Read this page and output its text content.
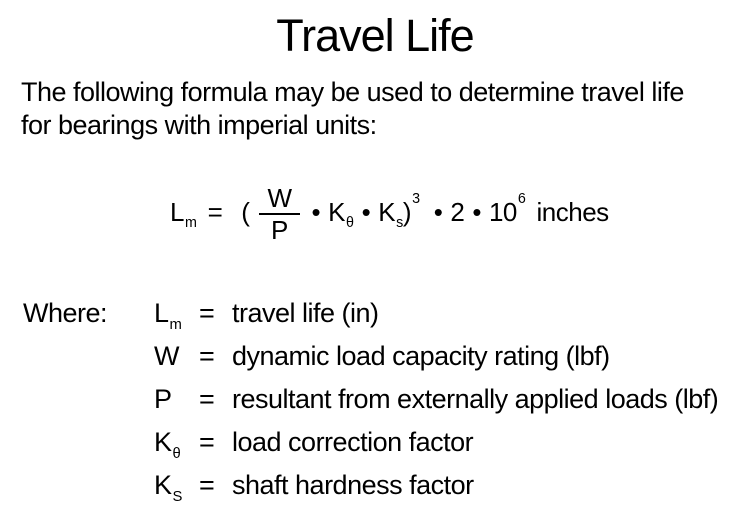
Travel Life
The following formula may be used to determine travel life
for bearings with imperial units:
$L_m$ = ( $\frac{W}{P}$ • $K_\theta$ • $K_s)^3$ • 2 • $10^6$ inches
Where:	$L_m$ = travel life (in)
W = dynamic load capacity rating (lbf)
P	= resultant from externally applied loads (lbf)
$K_\theta$ = load correction factor
$K_S$ = shaft hardness factor
